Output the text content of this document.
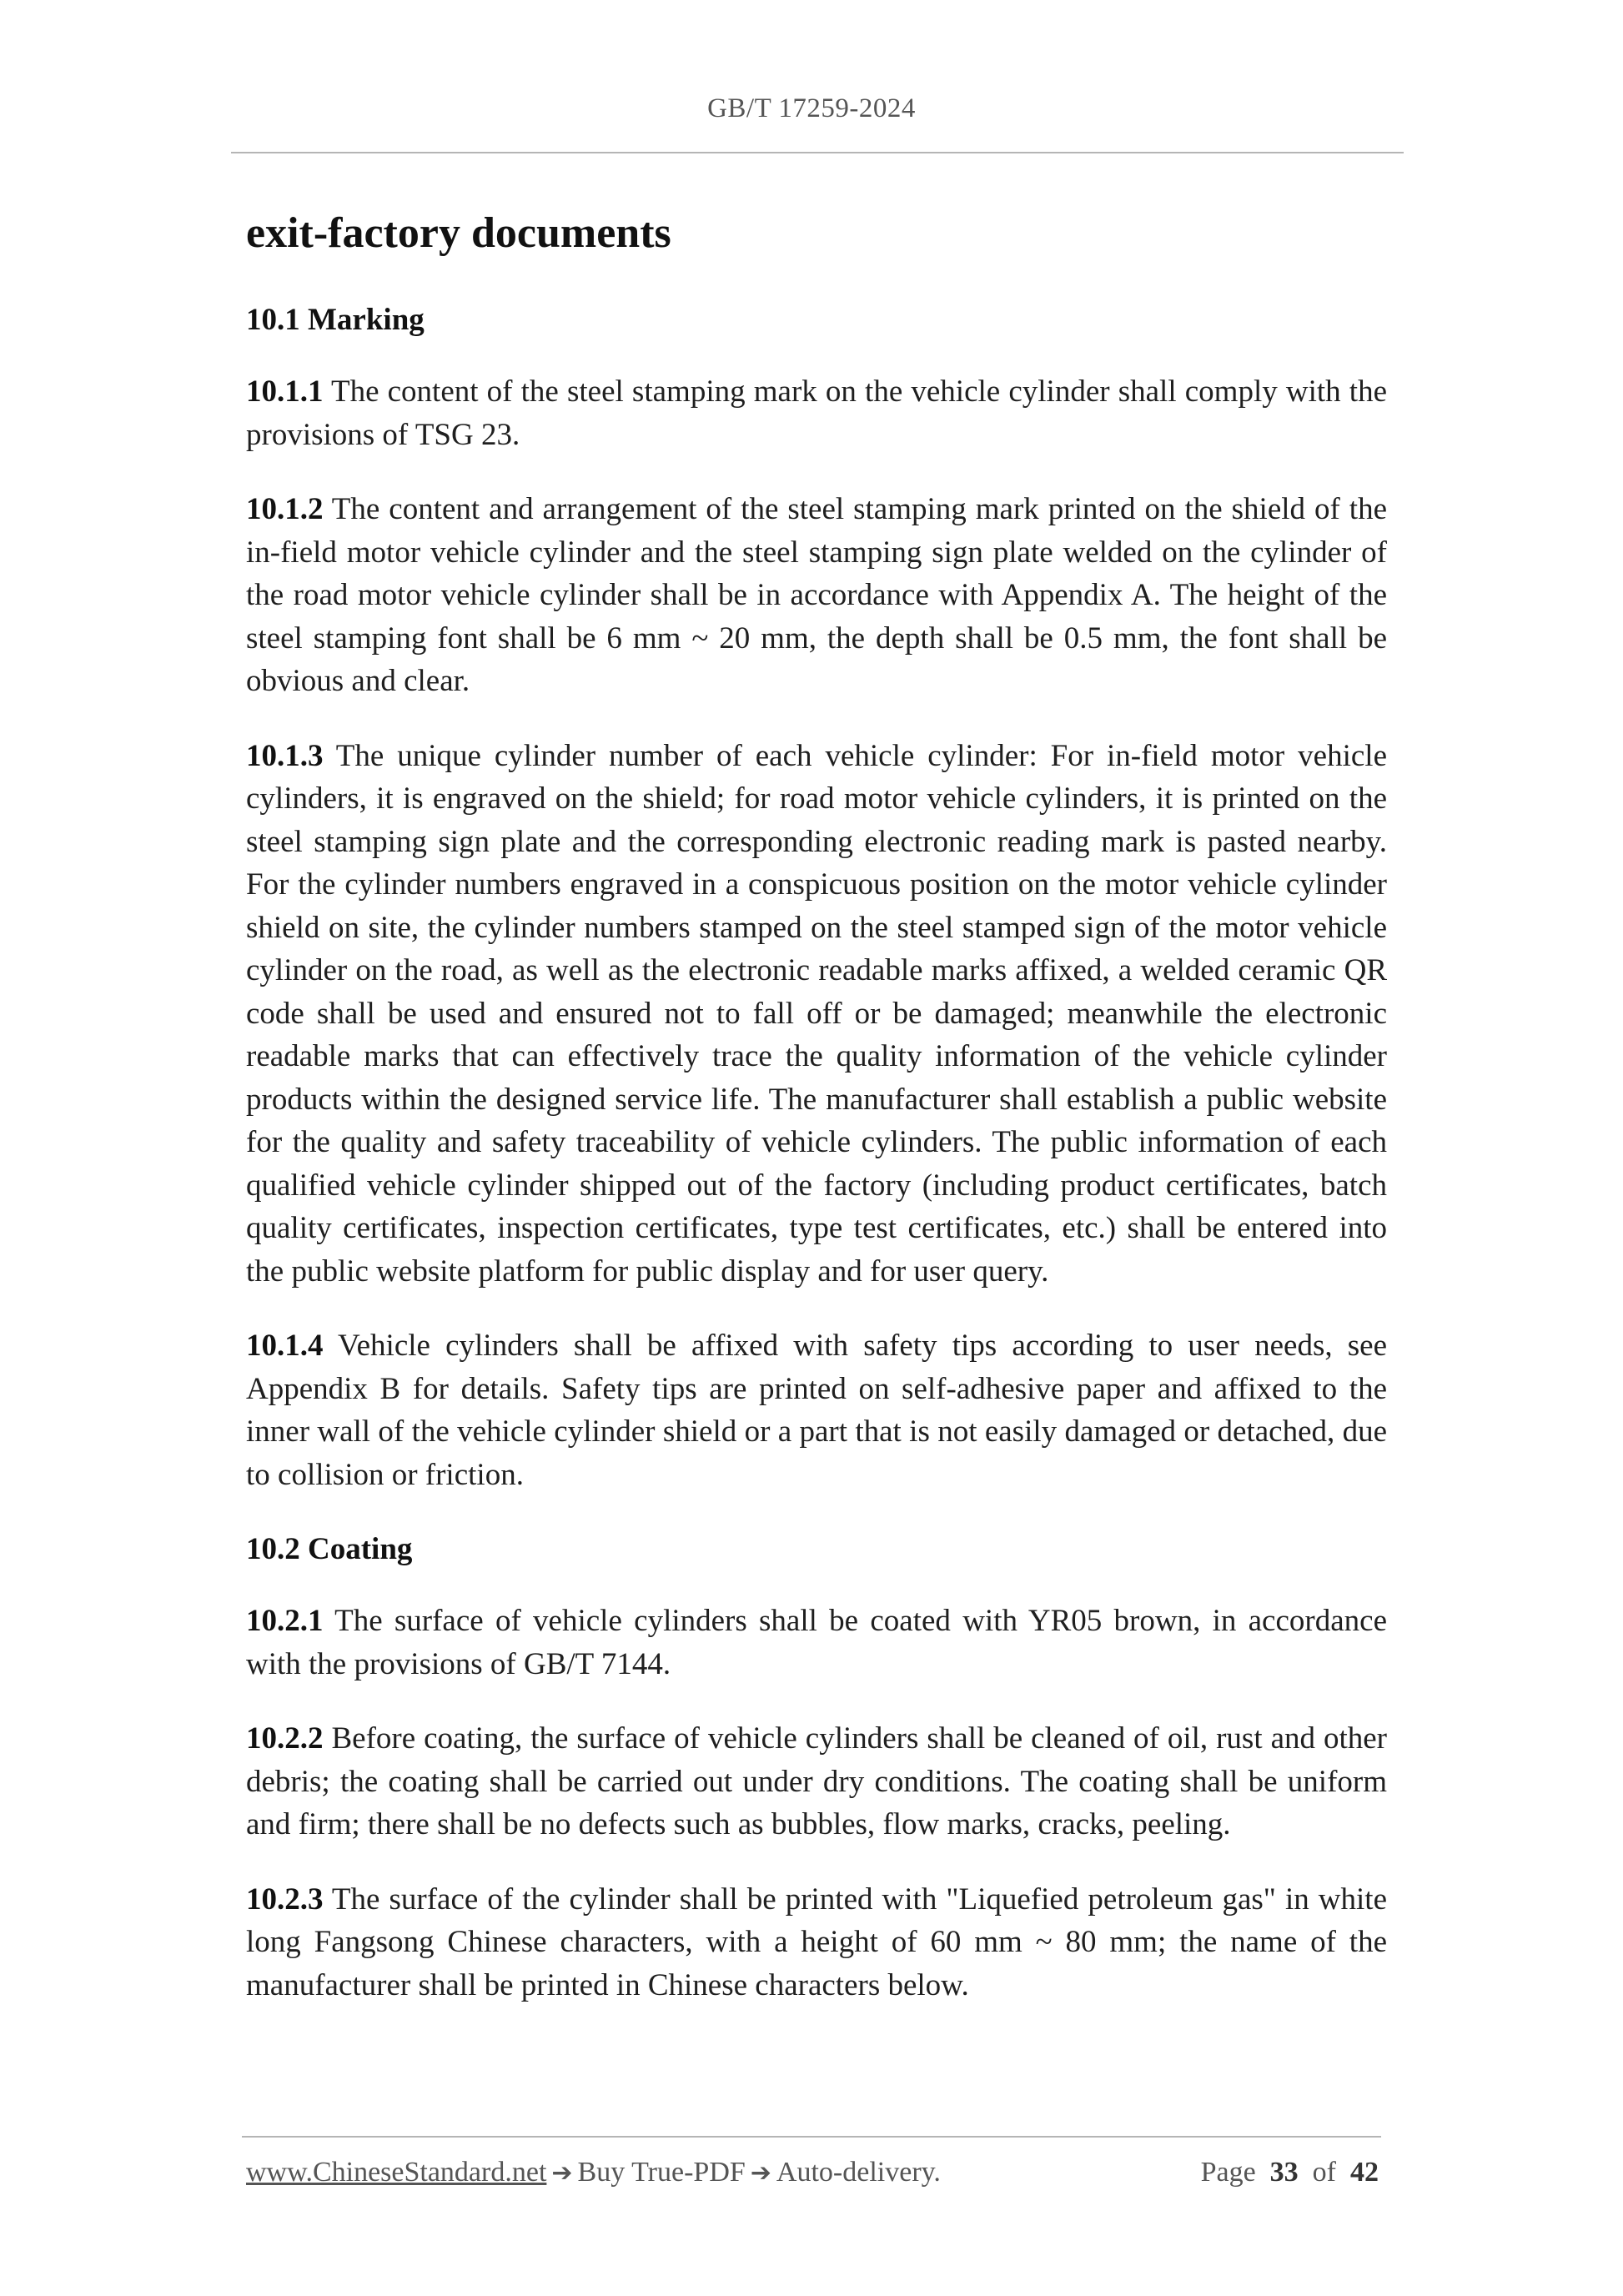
GB/T 17259-2024
exit-factory documents
10.1 Marking

10.1.1 The content of the steel stamping mark on the vehicle cylinder shall comply with the provisions of TSG 23.

10.1.2 The content and arrangement of the steel stamping mark printed on the shield of the in-field motor vehicle cylinder and the steel stamping sign plate welded on the cylinder of the road motor vehicle cylinder shall be in accordance with Appendix A. The height of the steel stamping font shall be 6 mm ~ 20 mm, the depth shall be 0.5 mm, the font shall be obvious and clear.

10.1.3 The unique cylinder number of each vehicle cylinder: For in-field motor vehicle cylinders, it is engraved on the shield; for road motor vehicle cylinders, it is printed on the steel stamping sign plate and the corresponding electronic reading mark is pasted nearby. For the cylinder numbers engraved in a conspicuous position on the motor vehicle cylinder shield on site, the cylinder numbers stamped on the steel stamped sign of the motor vehicle cylinder on the road, as well as the electronic readable marks affixed, a welded ceramic QR code shall be used and ensured not to fall off or be damaged; meanwhile the electronic readable marks that can effectively trace the quality information of the vehicle cylinder products within the designed service life. The manufacturer shall establish a public website for the quality and safety traceability of vehicle cylinders. The public information of each qualified vehicle cylinder shipped out of the factory (including product certificates, batch quality certificates, inspection certificates, type test certificates, etc.) shall be entered into the public website platform for public display and for user query.

10.1.4 Vehicle cylinders shall be affixed with safety tips according to user needs, see Appendix B for details. Safety tips are printed on self-adhesive paper and affixed to the inner wall of the vehicle cylinder shield or a part that is not easily damaged or detached, due to collision or friction.

10.2 Coating

10.2.1 The surface of vehicle cylinders shall be coated with YR05 brown, in accordance with the provisions of GB/T 7144.

10.2.2 Before coating, the surface of vehicle cylinders shall be cleaned of oil, rust and other debris; the coating shall be carried out under dry conditions. The coating shall be uniform and firm; there shall be no defects such as bubbles, flow marks, cracks, peeling.

10.2.3 The surface of the cylinder shall be printed with "Liquefied petroleum gas" in white long Fangsong Chinese characters, with a height of 60 mm ~ 80 mm; the name of the manufacturer shall be printed in Chinese characters below.

www.ChineseStandard.net ➔ Buy True-PDF ➔ Auto-delivery.	Page 33 of 42
